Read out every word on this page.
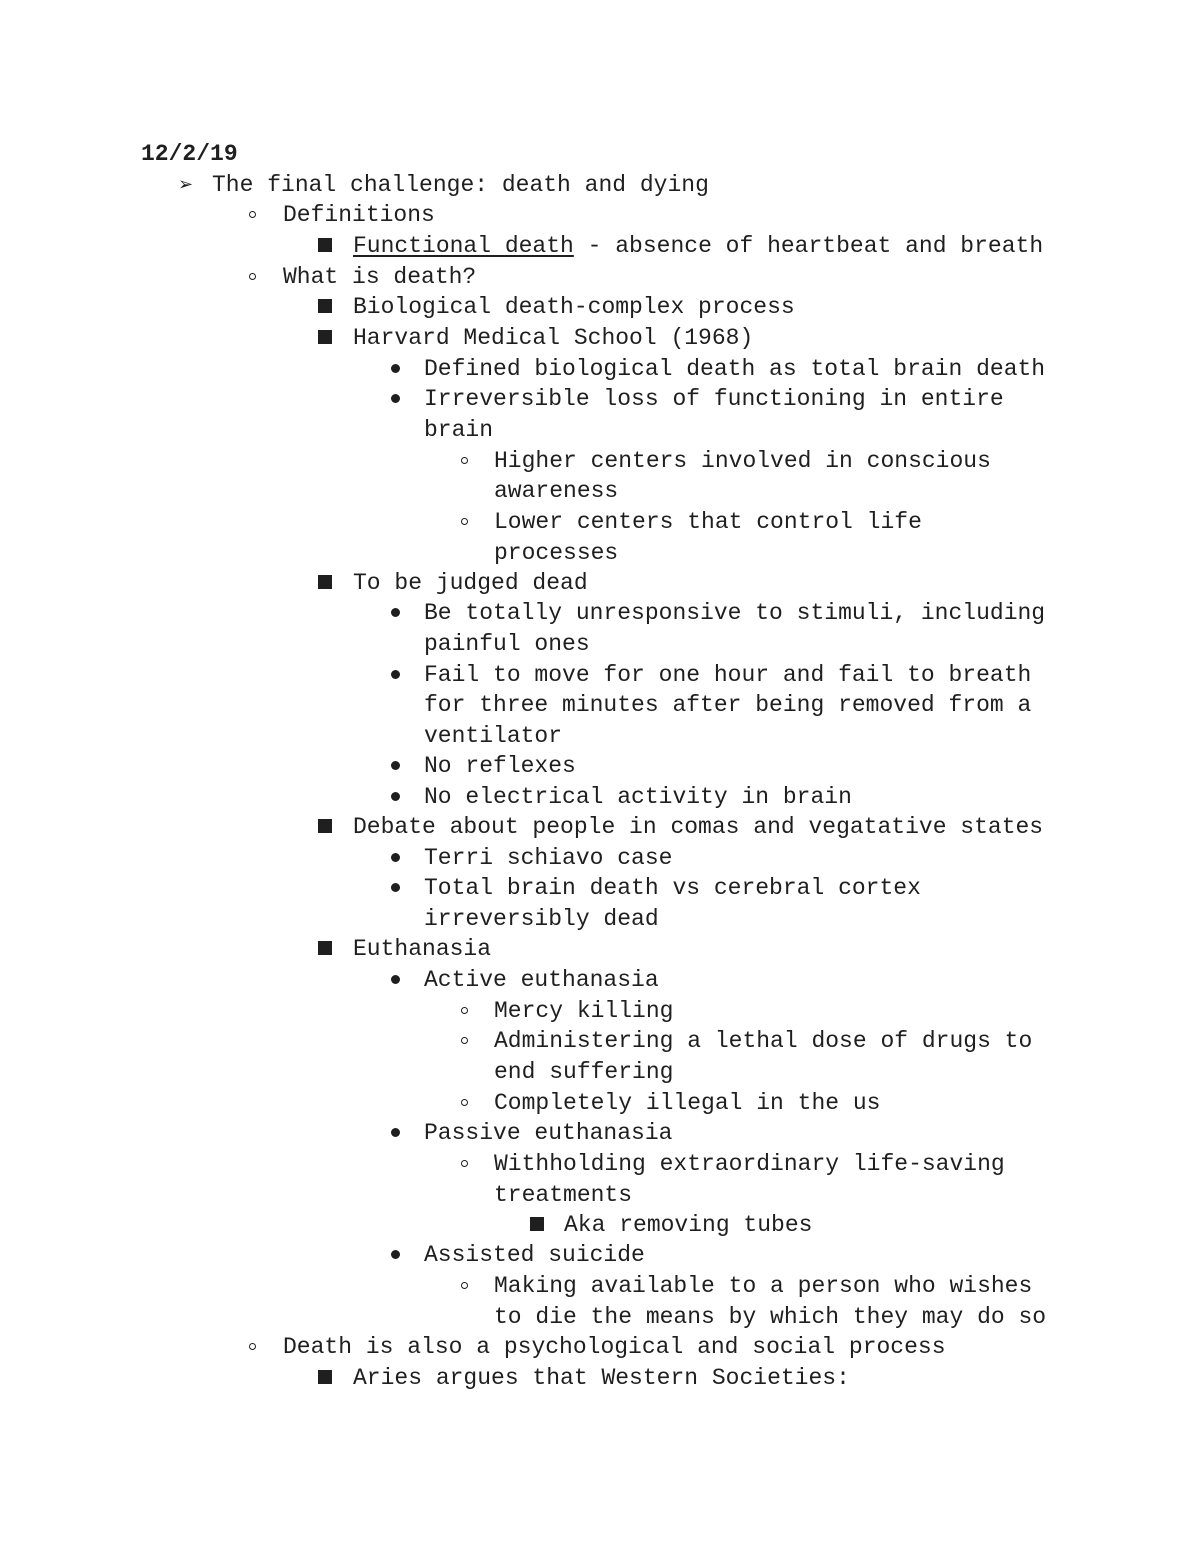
12/2/19
➢ The final challenge: death and dying
Definitions
Functional death - absence of heartbeat and breath
What is death?
Biological death-complex process
Harvard Medical School (1968)
Defined biological death as total brain death
Irreversible loss of functioning in entire
brain
Higher centers involved in conscious
awareness
Lower centers that control life
processes
To be judged dead
Be totally unresponsive to stimuli, including
painful ones
Fail to move for one hour and fail to breath
for three minutes after being removed from a
ventilator
No reflexes
No electrical activity in brain
Debate about people in comas and vegatative states
Terri schiavo case
Total brain death vs cerebral cortex
irreversibly dead
Euthanasia
Active euthanasia
Mercy killing
Administering a lethal dose of drugs to
end suffering
Completely illegal in the us
Passive euthanasia
Withholding extraordinary life-saving
treatments
Aka removing tubes
Assisted suicide
Making available to a person who wishes
to die the means by which they may do so
Death is also a psychological and social process
Aries argues that Western Societies:
